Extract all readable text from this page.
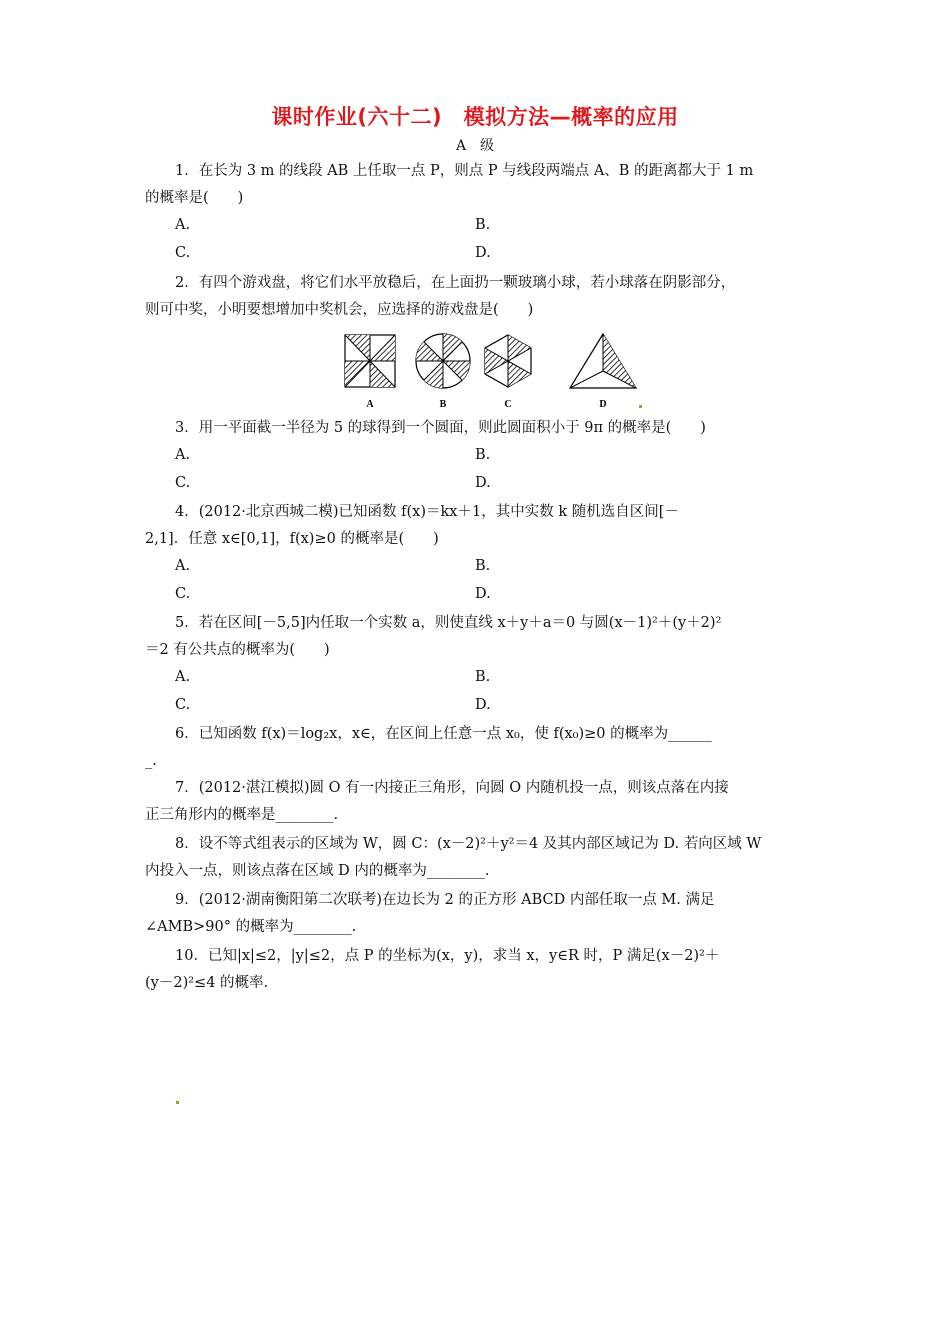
课时作业(六十二)　模拟方法—概率的应用
A　级
1．在长为 3 m 的线段 AB 上任取一点 P，则点 P 与线段两端点 A、B 的距离都大于 1 m
的概率是(　　)
A.	B.
C.	D.
2．有四个游戏盘，将它们水平放稳后，在上面扔一颗玻璃小球，若小球落在阴影部分，
则可中奖，小明要想增加中奖机会，应选择的游戏盘是(　　)
A	B	C	D
3．用一平面截一半径为 5 的球得到一个圆面，则此圆面积小于 9π 的概率是(　　)
A.	B.
C.	D.
4．(2012·北京西城二模)已知函数 f(x)＝kx＋1，其中实数 k 随机选自区间[－
2,1]．任意 x∈[0,1]，f(x)≥0 的概率是(　　)
A.	B.
C.	D.
5．若在区间[－5,5]内任取一个实数 a，则使直线 x＋y＋a＝0 与圆(x－1)²＋(y＋2)²
＝2 有公共点的概率为(　　)
A.	B.
C.	D.
6．已知函数 f(x)＝log₂x，x∈，在区间上任意一点 x₀，使 f(x₀)≥0 的概率为______
_.
7．(2012·湛江模拟)圆 O 有一内接正三角形，向圆 O 内随机投一点，则该点落在内接
正三角形内的概率是________.
8．设不等式组表示的区域为 W，圆 C：(x－2)²＋y²＝4 及其内部区域记为 D. 若向区域 W
内投入一点，则该点落在区域 D 内的概率为________.
9．(2012·湖南衡阳第二次联考)在边长为 2 的正方形 ABCD 内部任取一点 M. 满足
∠AMB>90° 的概率为________.
10．已知|x|≤2，|y|≤2，点 P 的坐标为(x，y)，求当 x，y∈R 时，P 满足(x－2)²＋
(y－2)²≤4 的概率.
